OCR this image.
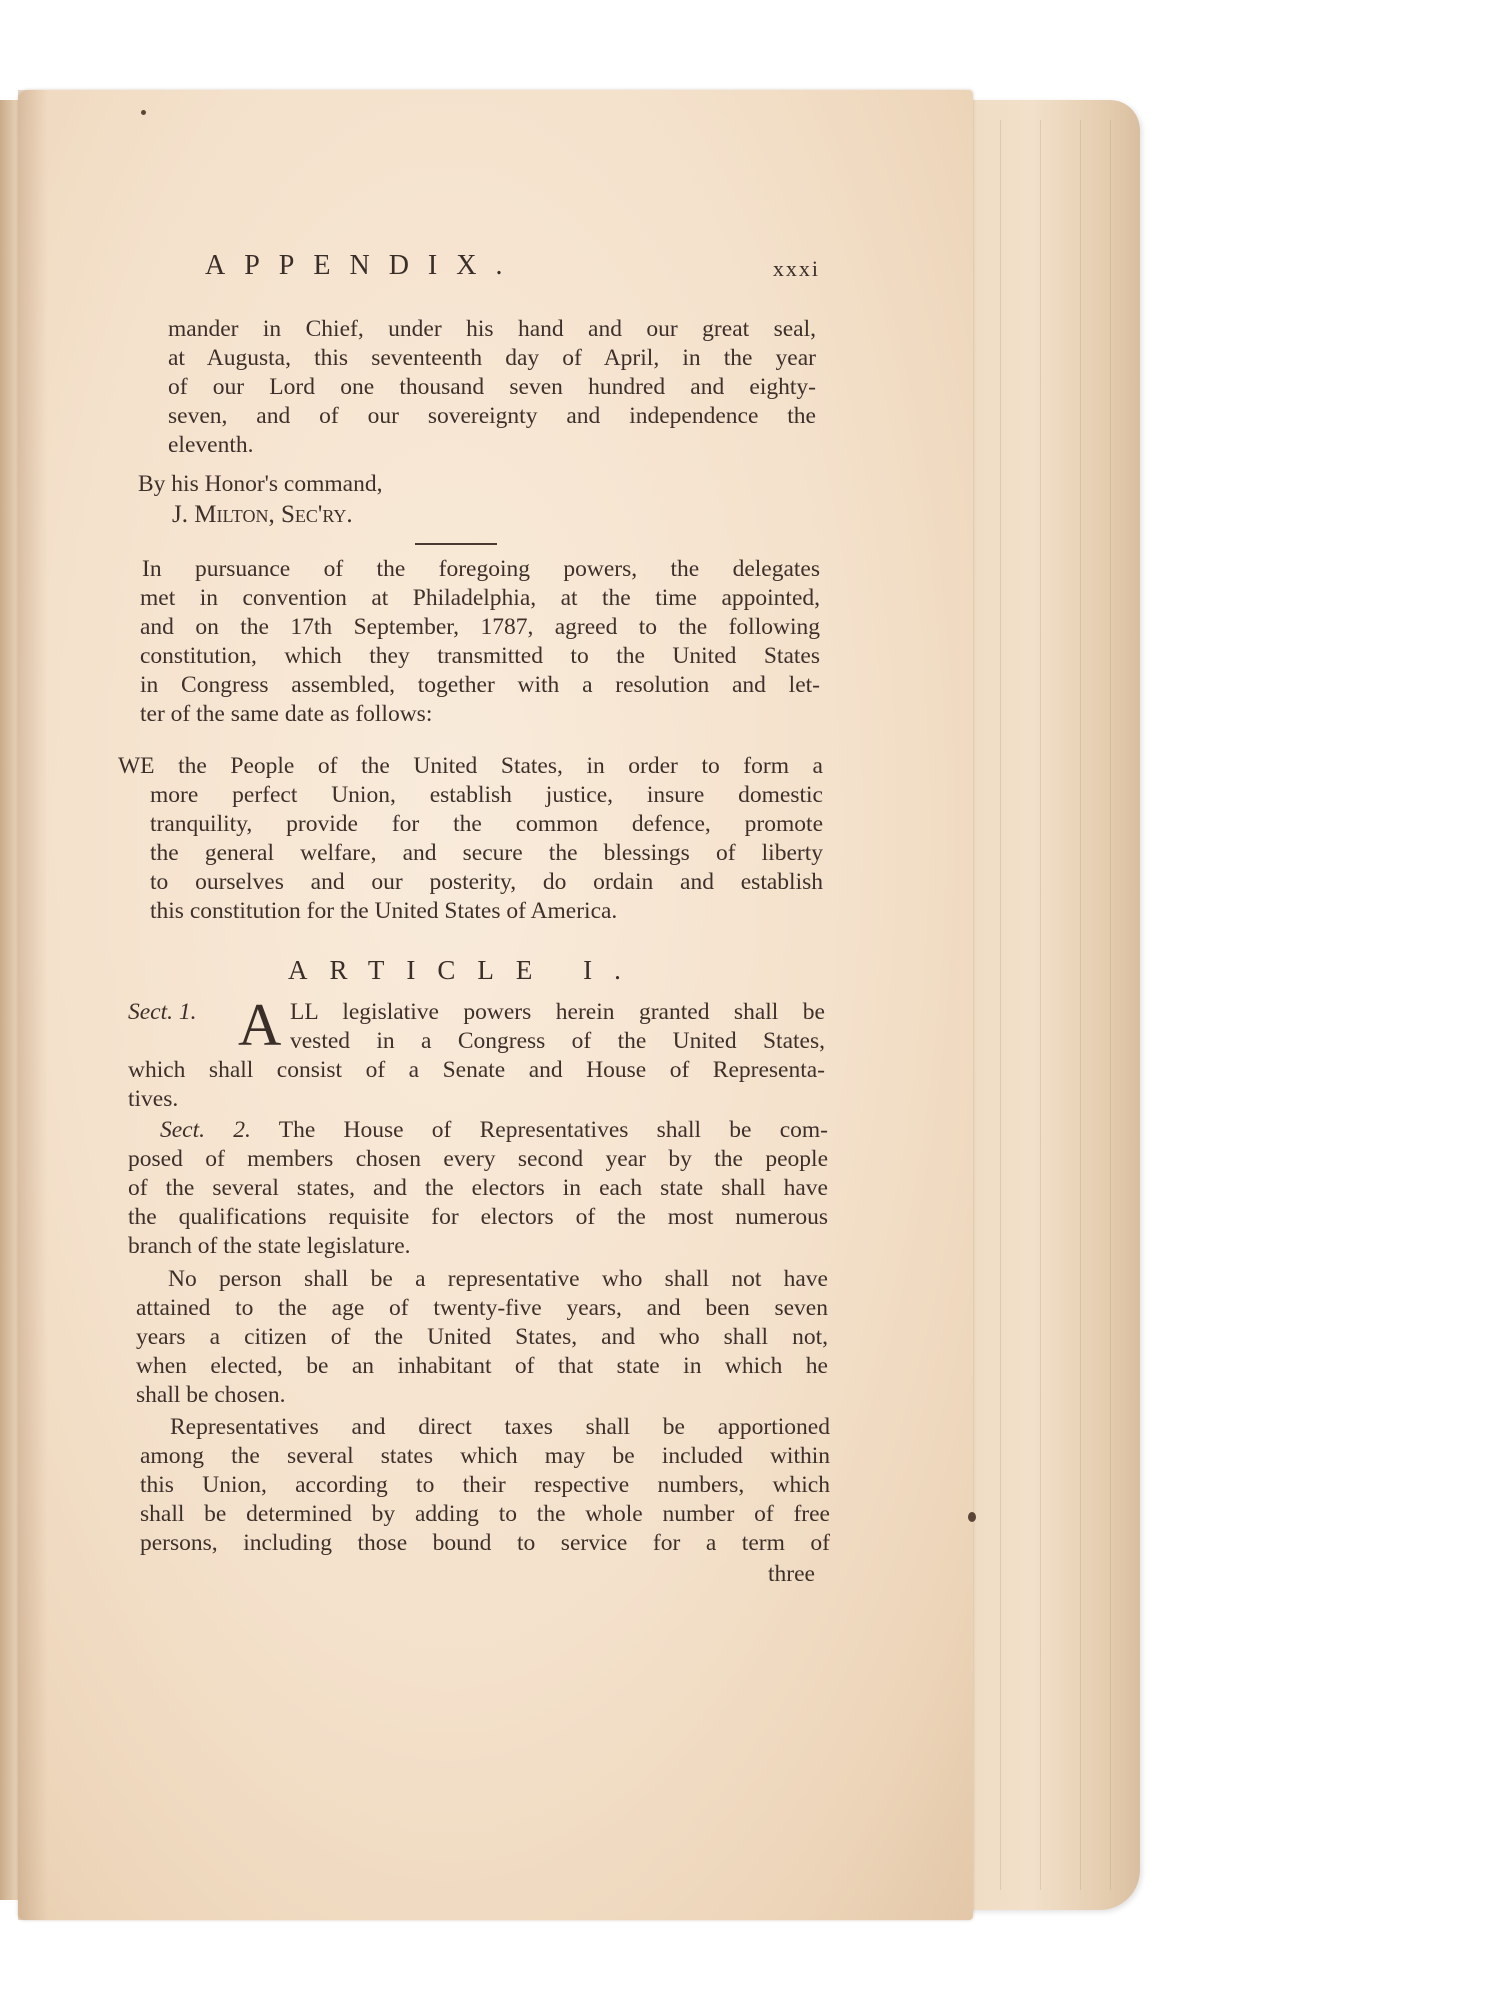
APPENDIX.	xxxi
mander in Chief, under his hand and our great seal,
at Augusta, this seventeenth day of April, in the year
of our Lord one thousand seven hundred and eighty-
seven, and of our sovereignty and independence the
eleventh.
By his Honor's command,
J. Milton, Sec'ry.
In pursuance of the foregoing powers, the delegates
met in convention at Philadelphia, at the time appointed,
and on the 17th September, 1787, agreed to the following
constitution, which they transmitted to the United States
in Congress assembled, together with a resolution and let-
ter of the same date as follows:
WE the People of the United States, in order to form a
more perfect Union, establish justice, insure domestic
tranquility, provide for the common defence, promote
the general welfare, and secure the blessings of liberty
to ourselves and our posterity, do ordain and establish
this constitution for the United States of America.
ARTICLE I.
Sect. 1. A LL legislative powers herein granted shall be
vested in a Congress of the United States,
which shall consist of a Senate and House of Representa-
tives.
Sect. 2. The House of Representatives shall be com-
posed of members chosen every second year by the people
of the several states, and the electors in each state shall have
the qualifications requisite for electors of the most numerous
branch of the state legislature.
No person shall be a representative who shall not have
attained to the age of twenty-five years, and been seven
years a citizen of the United States, and who shall not,
when elected, be an inhabitant of that state in which he
shall be chosen.
Representatives and direct taxes shall be apportioned
among the several states which may be included within
this Union, according to their respective numbers, which
shall be determined by adding to the whole number of free
persons, including those bound to service for a term of
three
